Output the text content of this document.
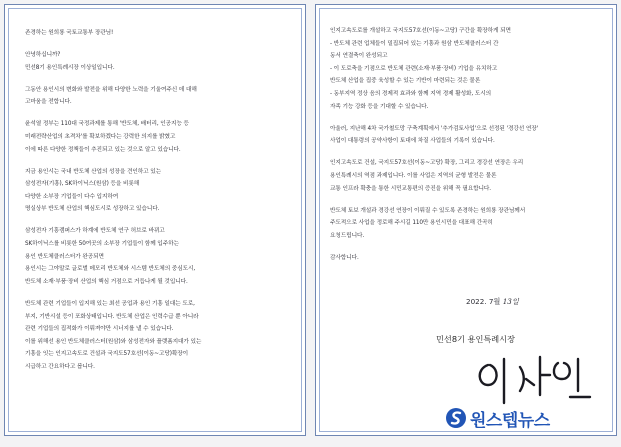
존경하는 원희룡 국토교통부 장관님!
안녕하십니까?
민선8기 용인특례시장 이상일입니다.
그동안 용인시의 변화와 발전을 위해 다양한 노력을 기울여주신 데 대해
고마움을 전합니다.
윤석열 정부는 110대 국정과제를 통해 '반도체, 배터리, 인공지능 등
미래전략산업의 초격차'를 확보하겠다는 강력한 의지를 밝혔고
이에 따른 다양한 정책들이 추진되고 있는 것으로 알고 있습니다.
지금 용인시는 국내 반도체 산업의 성장을 견인하고 있는
삼성전자(기흥), SK하이닉스(원삼) 등을 비롯해
다양한 소부장 기업들이 다수 입지하여
명실상부 반도체 산업의 핵심도시로 성장하고 있습니다.
삼성전자 기흥캠퍼스가 하계에 반도체 연구 허브로 바뀌고
SK하이닉스를 비롯한 50여곳의 소부장 기업들이 함께 입주하는
용인 반도체클러스터가 완공되면
용인시는 그야말로 글로벌 메모리 반도체와 시스템 반도체의 중심도시,
반도체 소재·부품·장비 산업의 핵심 거점으로 거듭나게 될 것입니다.
반도체 관련 기업들이 입지해 있는 최선 공업과 용인 기흥 일대는 도로,
부지, 기반시설 등이 포화상태입니다. 반도체 산업은 인력수급 뿐 아니라
관련 기업들의 집적화가 이뤄져야만 시너지를 낼 수 있습니다.
이를 위해선 용인 반도체클러스터(원삼)와 삼성전자와 플랫폼지대가 있는
기흥을 잇는 인지고속도로 건설과 국지도57호선(이동~고당)확장이
시급하고 간요하다고 봅니다.
인지고속도로를 개설하고 국지도57호선(이동~고당) 구간을 확장하게 되면
- 반도체 관련 업체들이 밀집되어 있는 기흥과 원삼 반도체클러스터 간
동서 연결축이 완성되고
- 이 도로축을 기점으로 반도체 관련(소재·부품·장비) 기업을 유치하고
반도체 산업을 집중 육성할 수 있는 기반이 마련되는 것은 물론
- 동부지역 정상 음의 경제적 효과와 함께 지역 경제 활성화, 도시의
자족 기능 강화 등을 기대할 수 있습니다.
아울러, 지난해 4차 국가철도망 구축계획에서 '추가검토사업'으로 선정된 '경강선 연장'
사업이 대통령의 공약사항이 토대에 차질 사업들의 기록이 있습니다.
인지고속도로 건설, 국지도57호선(이동~고당) 확장, 그리고 경강선 연장은 우리
용인특례시의 역점 과제입니다. 이를 사업은 지역의 균형 발전은 물론
교통 인프라 확충을 통한 시민교통편의 증진을 위해 꼭 필요합니다.
반도체 토보 개설과 경강선 연장이 이뤄질 수 있도록 존경하는 원희룡 장관님께서
주도적으로 사업을 정로해 주시길 110만 용인시민을 대표해 간곡히
요청드립니다.
감사합니다.
2022. 7월 13일
민선8기 용인특례시장
원스텝뉴스
